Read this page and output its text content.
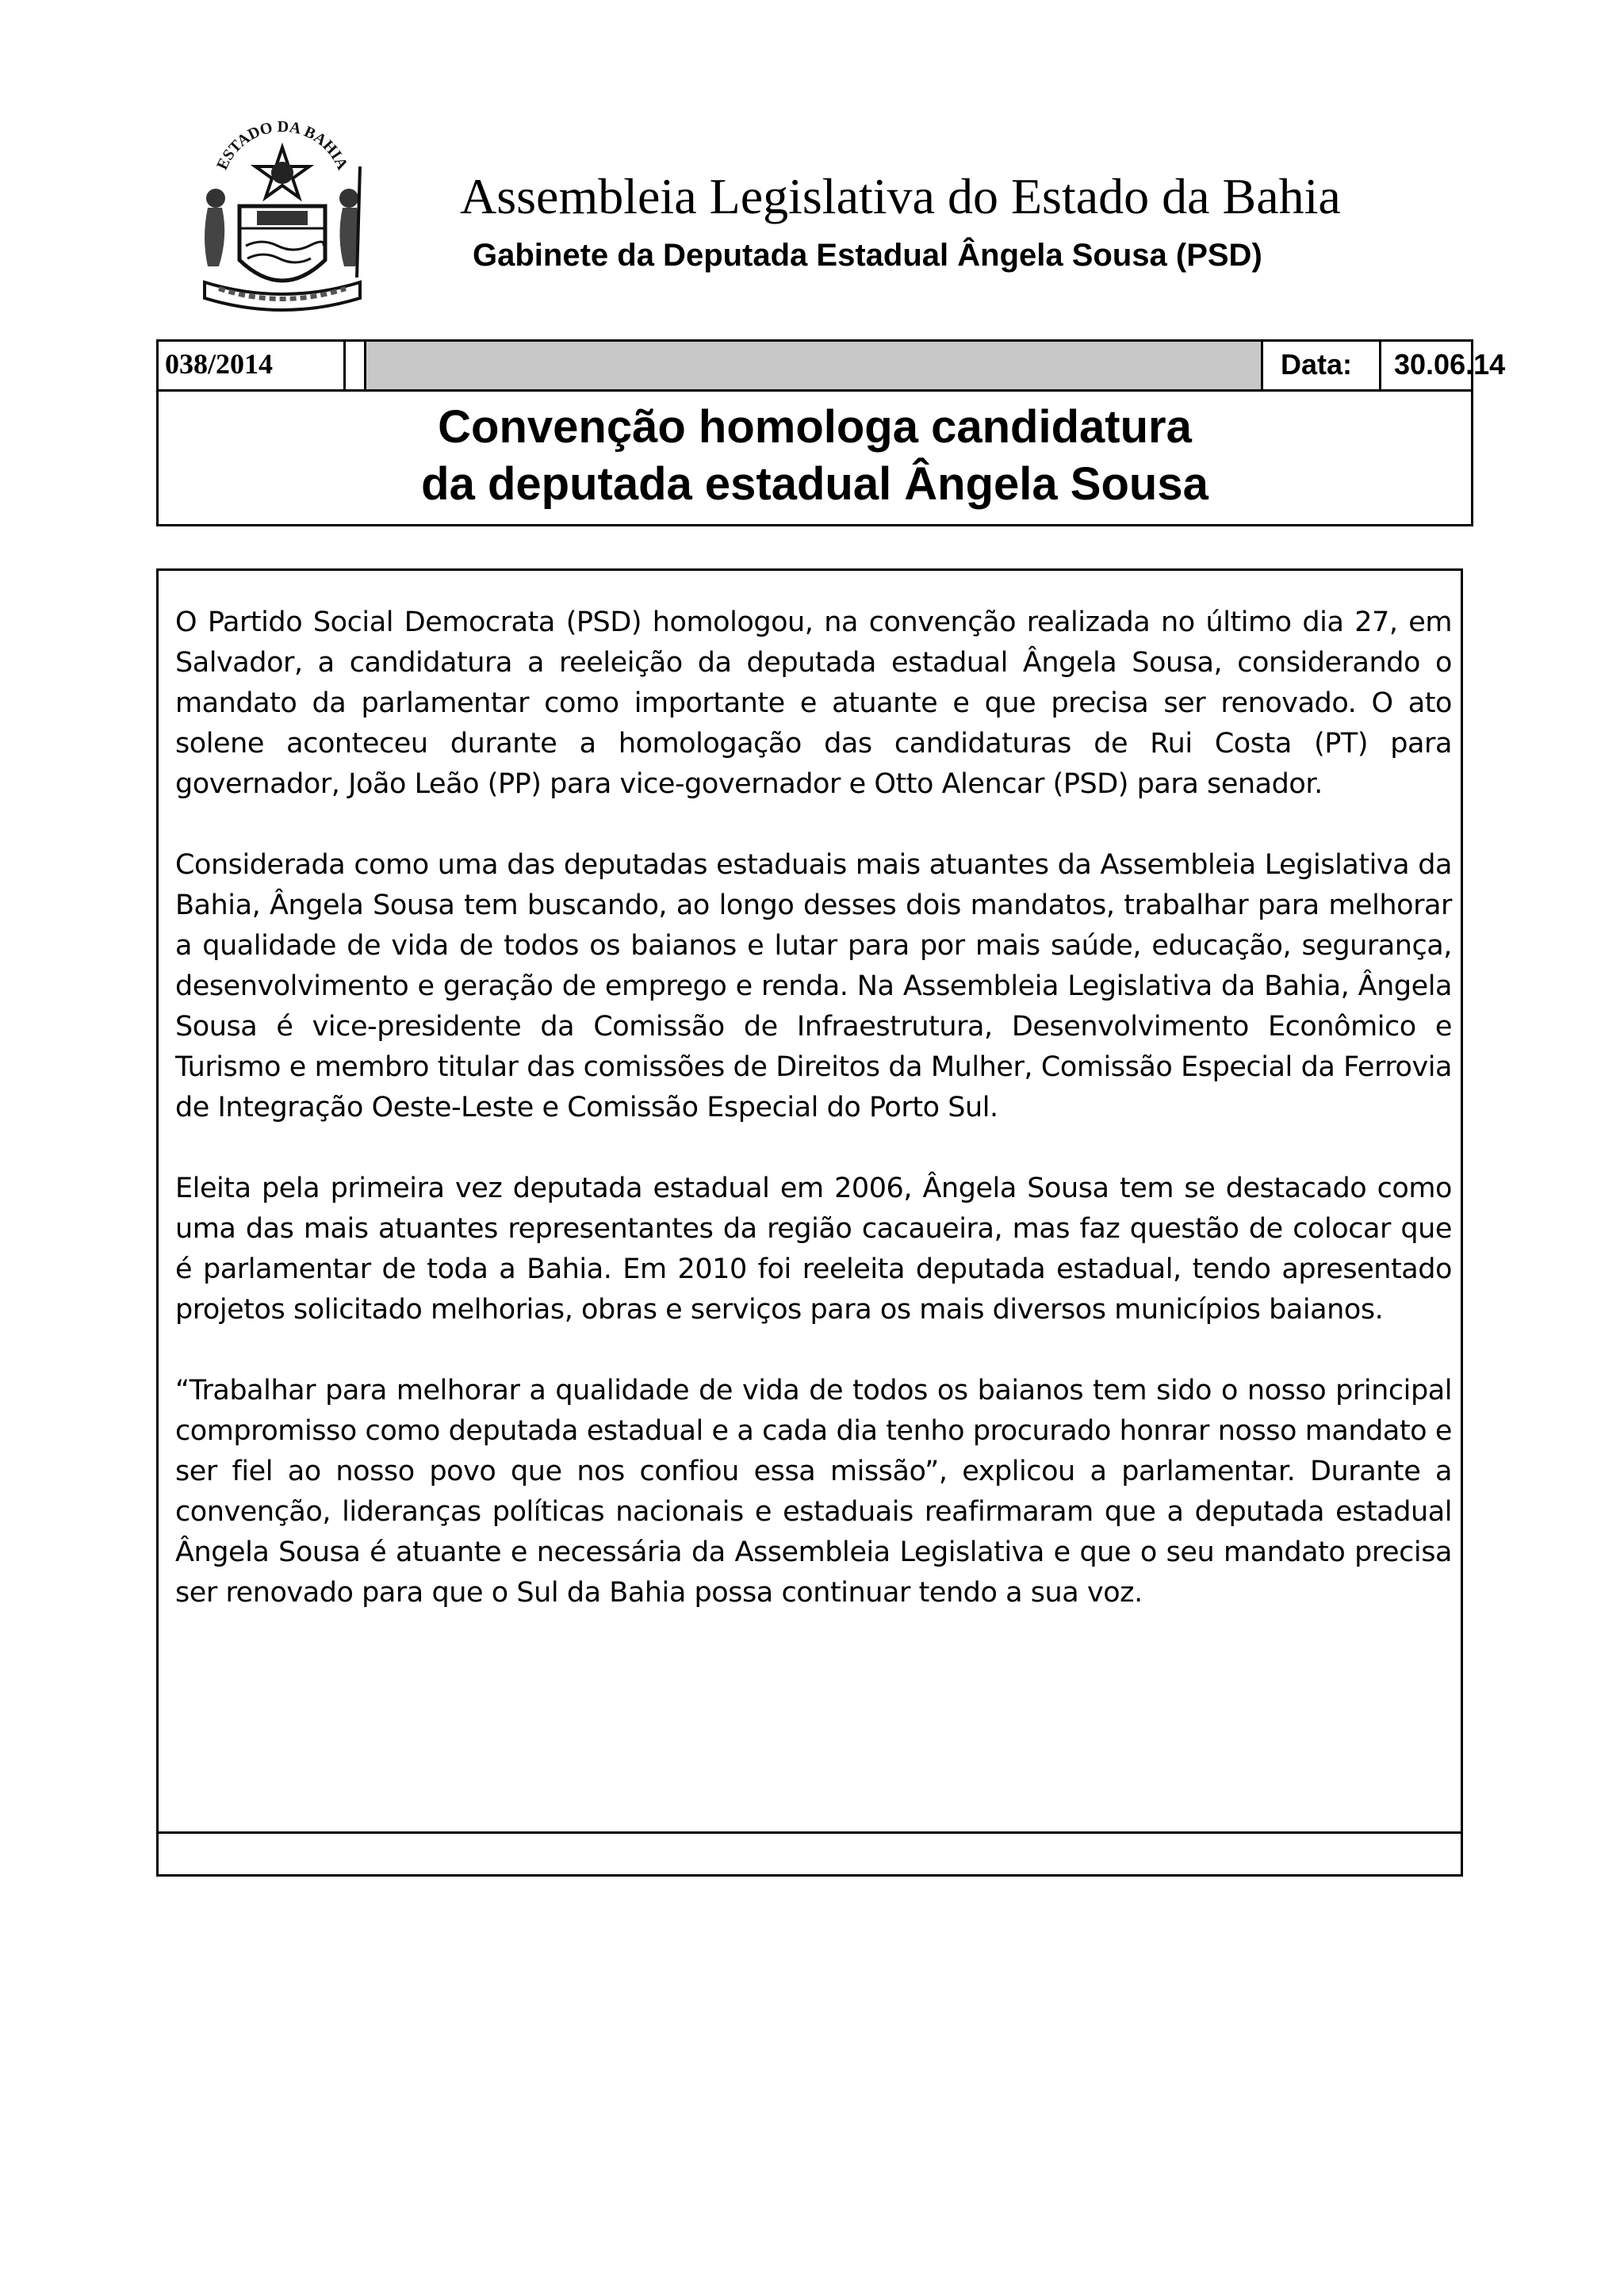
ESTADO DA BAHIA
Assembleia Legislativa do Estado da Bahia
Gabinete da Deputada Estadual Ângela Sousa (PSD)
038/2014	Data:	30.06.14
Convenção homologa candidatura
da deputada estadual Ângela Sousa

O Partido Social Democrata (PSD) homologou, na convenção realizada no último dia 27, em Salvador, a candidatura a reeleição da deputada estadual Ângela Sousa, considerando o mandato da parlamentar como importante e atuante e que precisa ser renovado. O ato solene aconteceu durante a homologação das candidaturas de Rui Costa (PT) para governador, João Leão (PP) para vice-governador e Otto Alencar (PSD) para senador.

Considerada como uma das deputadas estaduais mais atuantes da Assembleia Legislativa da Bahia, Ângela Sousa tem buscando, ao longo desses dois mandatos, trabalhar para melhorar a qualidade de vida de todos os baianos e lutar para por mais saúde, educação, segurança, desenvolvimento e geração de emprego e renda. Na Assembleia Legislativa da Bahia, Ângela Sousa é vice-presidente da Comissão de Infraestrutura, Desenvolvimento Econômico e Turismo e membro titular das comissões de Direitos da Mulher, Comissão Especial da Ferrovia de Integração Oeste-Leste e Comissão Especial do Porto Sul.

Eleita pela primeira vez deputada estadual em 2006, Ângela Sousa tem se destacado como uma das mais atuantes representantes da região cacaueira, mas faz questão de colocar que é parlamentar de toda a Bahia. Em 2010 foi reeleita deputada estadual, tendo apresentado projetos solicitado melhorias, obras e serviços para os mais diversos municípios baianos.

“Trabalhar para melhorar a qualidade de vida de todos os baianos tem sido o nosso principal compromisso como deputada estadual e a cada dia tenho procurado honrar nosso mandato e ser fiel ao nosso povo que nos confiou essa missão”, explicou a parlamentar. Durante a convenção, lideranças políticas nacionais e estaduais reafirmaram que a deputada estadual Ângela Sousa é atuante e necessária da Assembleia Legislativa e que o seu mandato precisa ser renovado para que o Sul da Bahia possa continuar tendo a sua voz.
